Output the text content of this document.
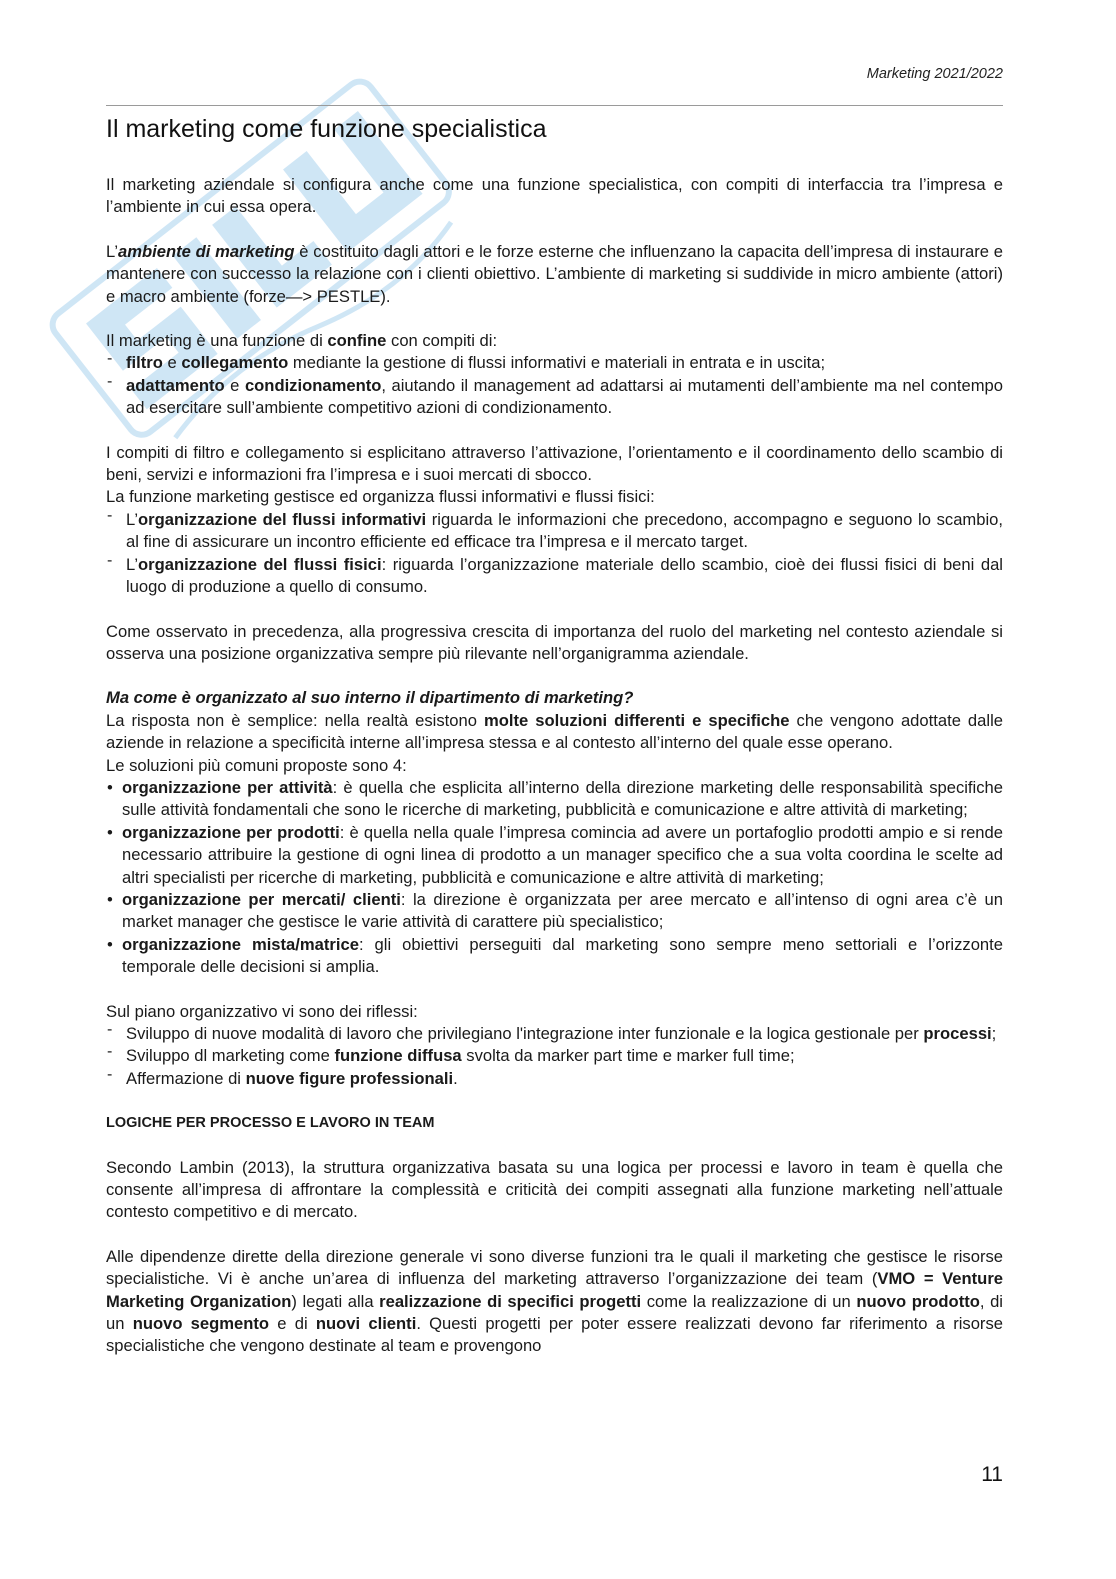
Marketing 2021/2022
Il marketing come funzione specialistica

Il marketing aziendale si configura anche come una funzione specialistica, con compiti di interfaccia tra l’impresa e l’ambiente in cui essa opera.

L’ambiente di marketing è costituito dagli attori e le forze esterne che influenzano la capacita dell’impresa di instaurare e mantenere con successo la relazione con i clienti obiettivo. L’ambiente di marketing si suddivide in micro ambiente (attori) e macro ambiente (forze—> PESTLE).

Il marketing è una funzione di confine con compiti di:

- filtro e collegamento mediante la gestione di flussi informativi e materiali in entrata e in uscita;
- adattamento e condizionamento, aiutando il management ad adattarsi ai mutamenti dell’ambiente ma nel contempo ad esercitare sull’ambiente competitivo azioni di condizionamento.

I compiti di filtro e collegamento si esplicitano attraverso l’attivazione, l’orientamento e il coordinamento dello scambio di beni, servizi e informazioni fra l’impresa e i suoi mercati di sbocco.

La funzione marketing gestisce ed organizza flussi informativi e flussi fisici:

- L’organizzazione del flussi informativi riguarda le informazioni che precedono, accompagno e seguono lo scambio, al fine di assicurare un incontro efficiente ed efficace tra l’impresa e il mercato target.
- L’organizzazione del flussi fisici: riguarda l’organizzazione materiale dello scambio, cioè dei flussi fisici di beni dal luogo di produzione a quello di consumo.

Come osservato in precedenza, alla progressiva crescita di importanza del ruolo del marketing nel contesto aziendale si osserva una posizione organizzativa sempre più rilevante nell’organigramma aziendale.

Ma come è organizzato al suo interno il dipartimento di marketing?

La risposta non è semplice: nella realtà esistono molte soluzioni differenti e specifiche che vengono adottate dalle aziende in relazione a specificità interne all’impresa stessa e al contesto all’interno del quale esse operano.

Le soluzioni più comuni proposte sono 4:

• organizzazione per attività: è quella che esplicita all’interno della direzione marketing delle responsabilità specifiche sulle attività fondamentali che sono le ricerche di marketing, pubblicità e comunicazione e altre attività di marketing;
• organizzazione per prodotti: è quella nella quale l’impresa comincia ad avere un portafoglio prodotti ampio e si rende necessario attribuire la gestione di ogni linea di prodotto a un manager specifico che a sua volta coordina le scelte ad altri specialisti per ricerche di marketing, pubblicità e comunicazione e altre attività di marketing;
• organizzazione per mercati/ clienti: la direzione è organizzata per aree mercato e all’intenso di ogni area c’è un market manager che gestisce le varie attività di carattere più specialistico;
• organizzazione mista/matrice: gli obiettivi perseguiti dal marketing sono sempre meno settoriali e l’orizzonte temporale delle decisioni si amplia.

Sul piano organizzativo vi sono dei riflessi:

- Sviluppo di nuove modalità di lavoro che privilegiano l'integrazione inter funzionale e la logica gestionale per processi;
- Sviluppo dl marketing come funzione diffusa svolta da marker part time e marker full time;
- Affermazione di nuove figure professionali.

LOGICHE PER PROCESSO E LAVORO IN TEAM

Secondo Lambin (2013), la struttura organizzativa basata su una logica per processi e lavoro in team è quella che consente all’impresa di affrontare la complessità e criticità dei compiti assegnati alla funzione marketing nell’attuale contesto competitivo e di mercato.

Alle dipendenze dirette della direzione generale vi sono diverse funzioni tra le quali il marketing che gestisce le risorse specialistiche. Vi è anche un’area di influenza del marketing attraverso l’organizzazione dei team (VMO = Venture Marketing Organization) legati alla realizzazione di specifici progetti come la realizzazione di un nuovo prodotto, di un nuovo segmento e di nuovi clienti. Questi progetti per poter essere realizzati devono far riferimento a risorse specialistiche che vengono destinate al team e provengono

11
